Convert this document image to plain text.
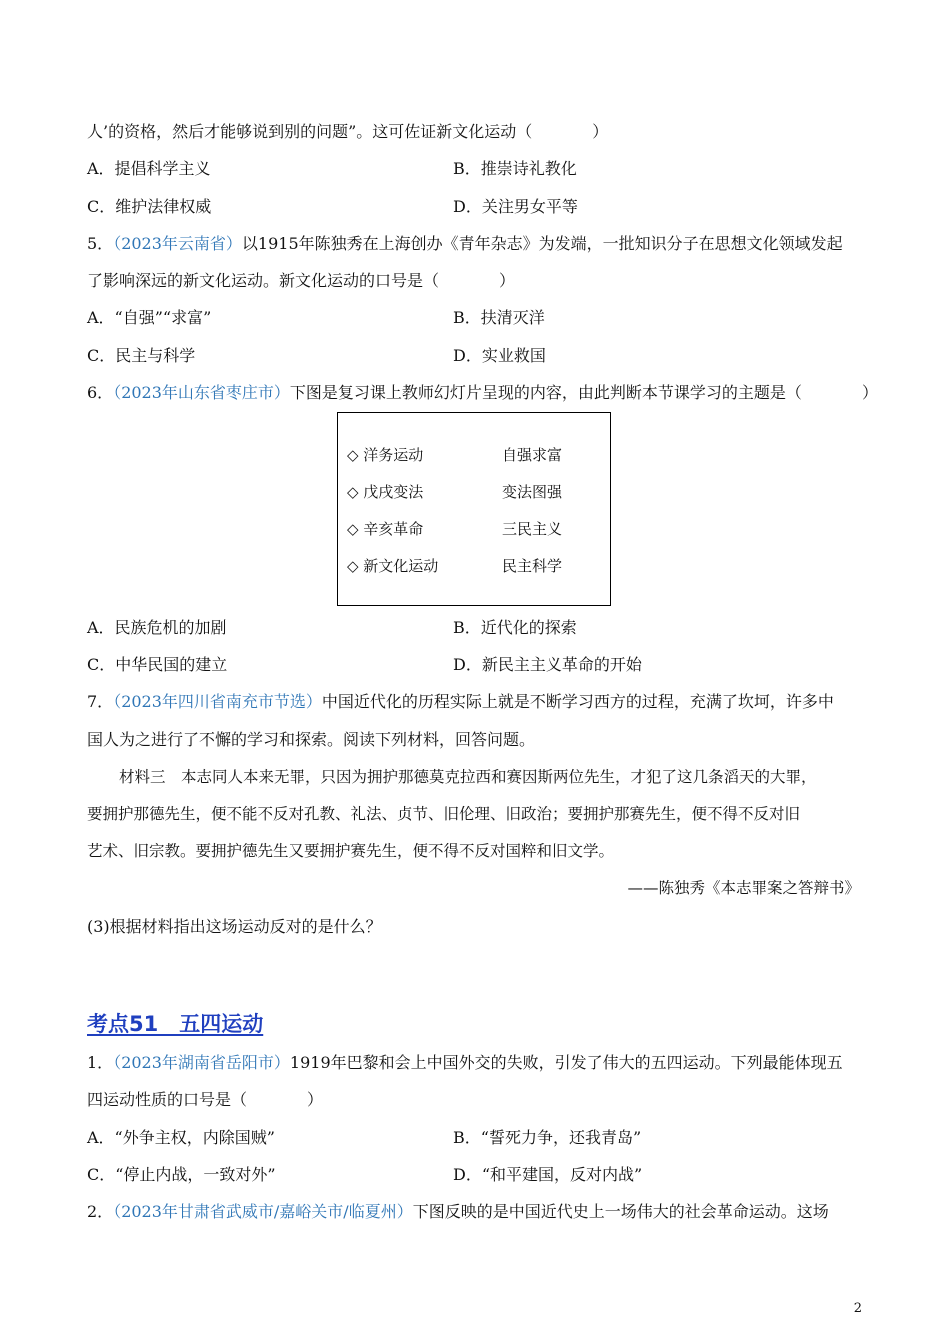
人’的资格，然后才能够说到别的问题”。这可佐证新文化运动（	）
A．提倡科学主义	B．推崇诗礼教化
C．维护法律权威	D．关注男女平等
5．（2023年云南省）以1915年陈独秀在上海创办《青年杂志》为发端，一批知识分子在思想文化领域发起
了影响深远的新文化运动。新文化运动的口号是（	）
A．“自强”“求富”	B．扶清灭洋
C．民主与科学	D．实业救国
6．（2023年山东省枣庄市）下图是复习课上教师幻灯片呈现的内容，由此判断本节课学习的主题是（	）
◇ 洋务运动	自强求富
◇ 戊戌变法	变法图强
◇ 辛亥革命	三民主义
◇ 新文化运动	民主科学
A．民族危机的加剧	B．近代化的探索
C．中华民国的建立	D．新民主主义革命的开始
7．（2023年四川省南充市节选）中国近代化的历程实际上就是不断学习西方的过程，充满了坎坷，许多中
国人为之进行了不懈的学习和探索。阅读下列材料，回答问题。
材料三　本志同人本来无罪，只因为拥护那德莫克拉西和赛因斯两位先生，才犯了这几条滔天的大罪，
要拥护那德先生，便不能不反对孔教、礼法、贞节、旧伦理、旧政治；要拥护那赛先生，便不得不反对旧
艺术、旧宗教。要拥护德先生又要拥护赛先生，便不得不反对国粹和旧文学。
——陈独秀《本志罪案之答辩书》
(3)根据材料指出这场运动反对的是什么？
考点51　五四运动
1．（2023年湖南省岳阳市）1919年巴黎和会上中国外交的失败，引发了伟大的五四运动。下列最能体现五
四运动性质的口号是（	）
A．“外争主权，内除国贼”	B．“誓死力争，还我青岛”
C．“停止内战，一致对外”	D．“和平建国，反对内战”
2．（2023年甘肃省武威市/嘉峪关市/临夏州）下图反映的是中国近代史上一场伟大的社会革命运动。这场
2
